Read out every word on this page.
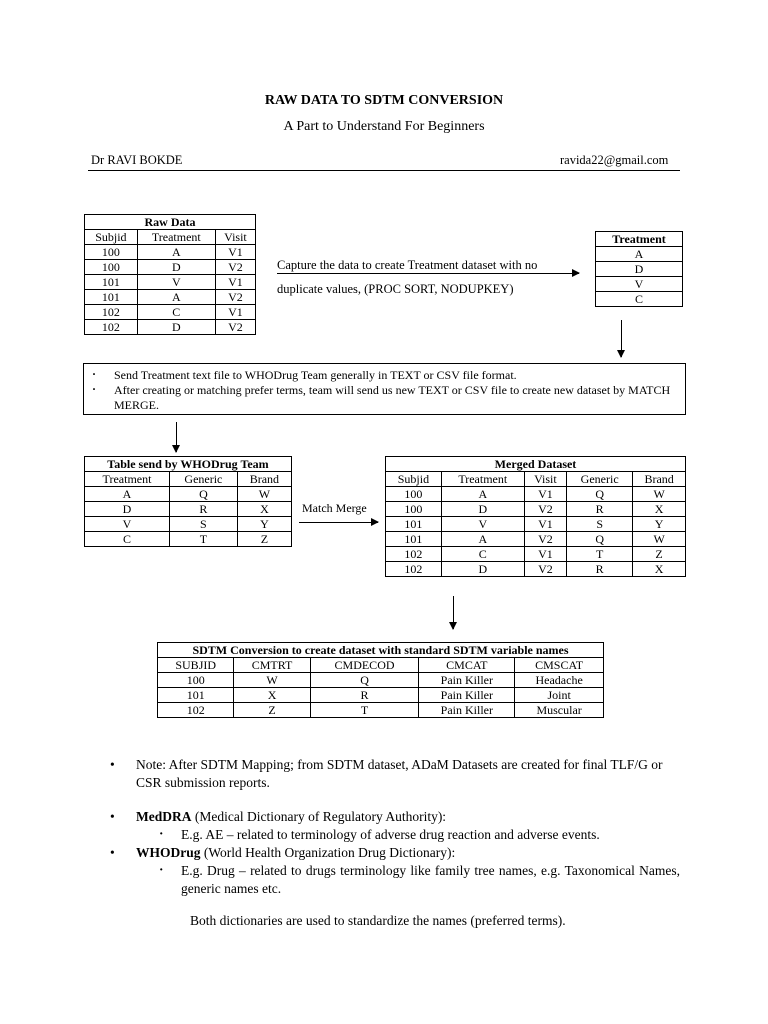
RAW DATA TO SDTM CONVERSION
A Part to Understand For Beginners
Dr RAVI BOKDE	ravida22@gmail.com
Raw Data		
Subjid	Treatment	Visit
100	A	V1
100	D	V2
101	V	V1
101	A	V2
102	C	V1
102	D	V2
Capture the data to create Treatment dataset with no
duplicate values, (PROC SORT, NODUPKEY)
Treatment
A
D
V
C
· Send Treatment text file to WHODrug Team generally in TEXT or CSV file format.
· After creating or matching prefer terms, team will send us new TEXT or CSV file to create new dataset by MATCH MERGE.
Table send by WHODrug Team		
Treatment	Generic	Brand
A	Q	W
D	R	X
V	S	Y
C	T	Z
Match Merge
Merged Dataset				
Subjid	Treatment	Visit	Generic	Brand
100	A	V1	Q	W
100	D	V2	R	X
101	V	V1	S	Y
101	A	V2	Q	W
102	C	V1	T	Z
102	D	V2	R	X
SDTM Conversion to create dataset with standard SDTM variable names				
SUBJID	CMTRT	CMDECOD	CMCAT	CMSCAT
100	W	Q	Pain Killer	Headache
101	X	R	Pain Killer	Joint
102	Z	T	Pain Killer	Muscular
• Note: After SDTM Mapping; from SDTM dataset, ADaM Datasets are created for final TLF/G or CSR submission reports.
• MedDRA (Medical Dictionary of Regulatory Authority):
· E.g. AE – related to terminology of adverse drug reaction and adverse events.
• WHODrug (World Health Organization Drug Dictionary):
· E.g. Drug – related to drugs terminology like family tree names, e.g. Taxonomical Names, generic names etc.
Both dictionaries are used to standardize the names (preferred terms).
